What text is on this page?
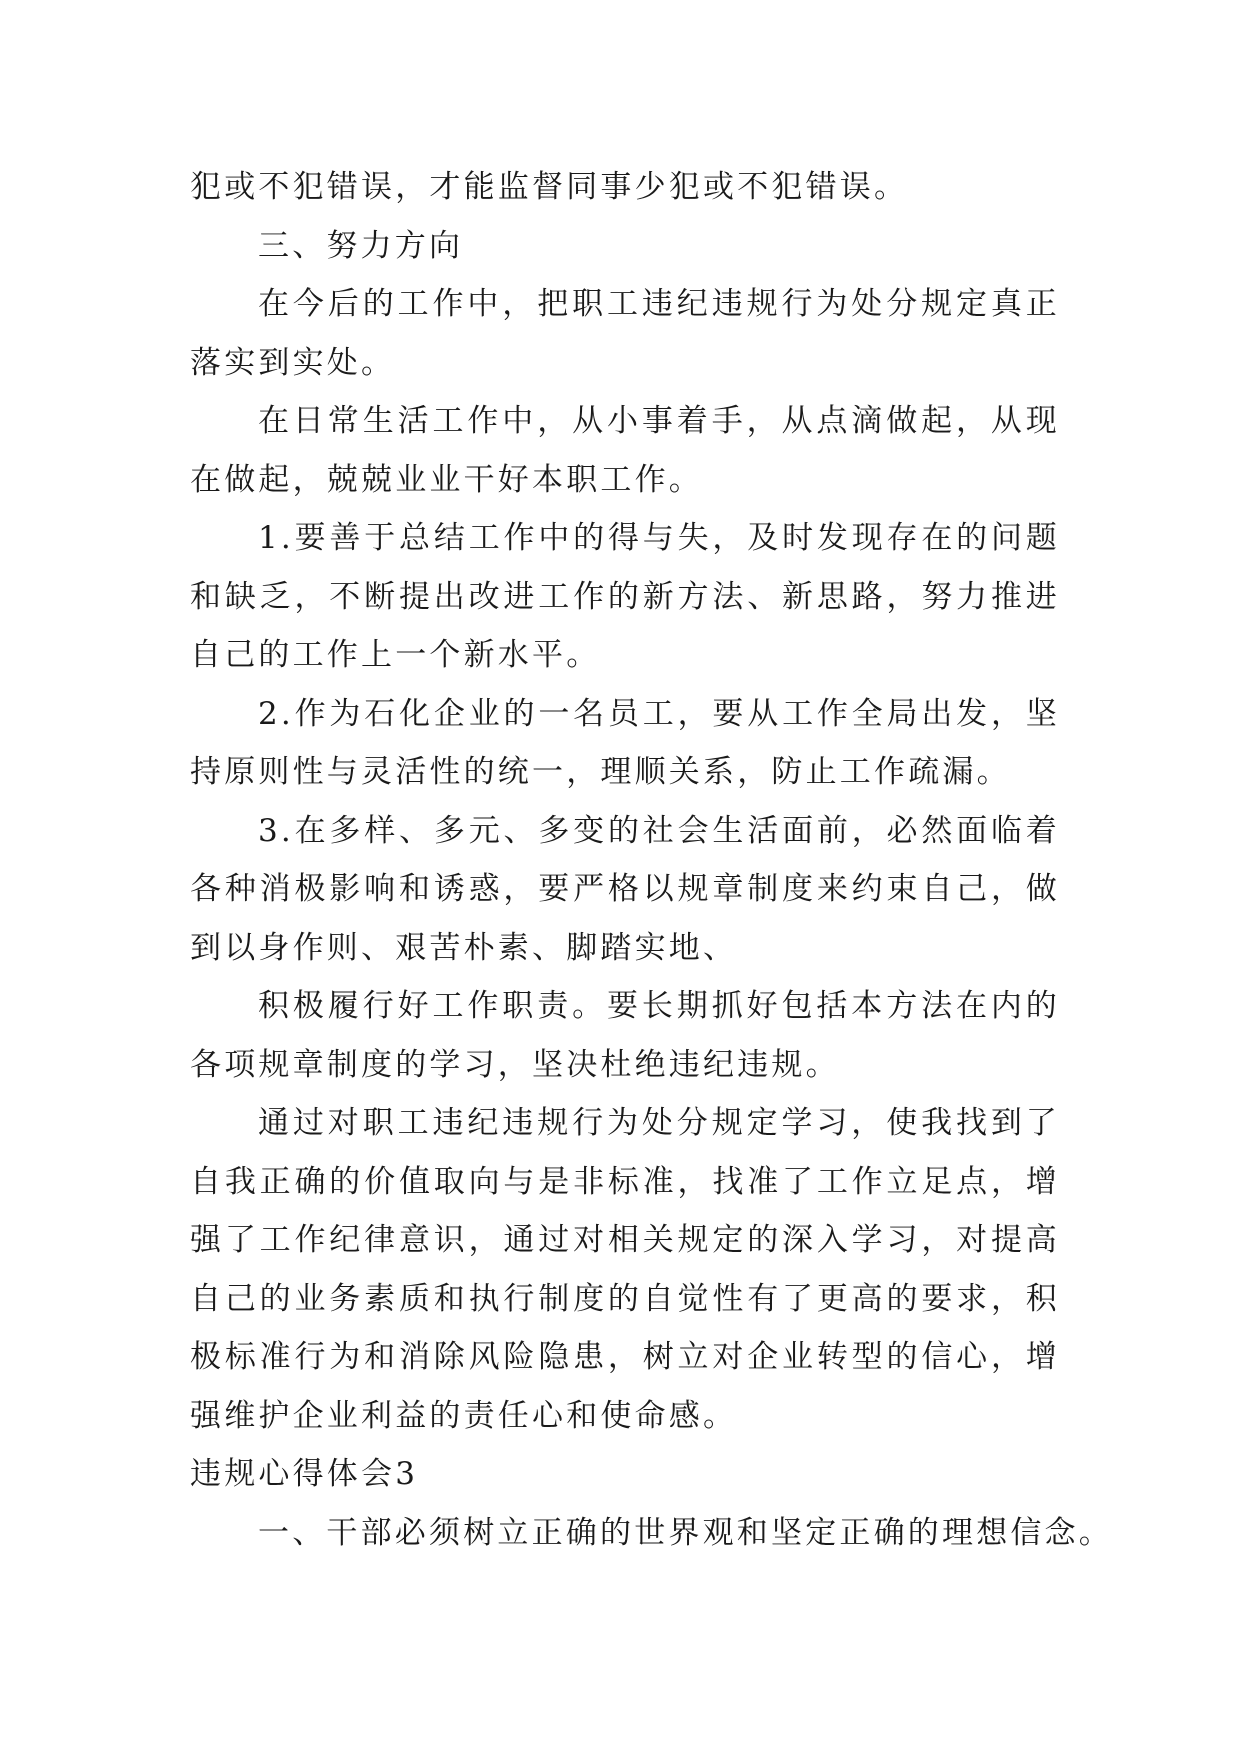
犯或不犯错误，才能监督同事少犯或不犯错误。

三、努力方向

在今后的工作中，把职工违纪违规行为处分规定真正落实到实处。

在日常生活工作中，从小事着手，从点滴做起，从现在做起，兢兢业业干好本职工作。

1.要善于总结工作中的得与失，及时发现存在的问题和缺乏，不断提出改进工作的新方法、新思路，努力推进自己的工作上一个新水平。

2.作为石化企业的一名员工，要从工作全局出发，坚持原则性与灵活性的统一，理顺关系，防止工作疏漏。

3.在多样、多元、多变的社会生活面前，必然面临着各种消极影响和诱惑，要严格以规章制度来约束自己，做到以身作则、艰苦朴素、脚踏实地、

积极履行好工作职责。要长期抓好包括本方法在内的各项规章制度的学习，坚决杜绝违纪违规。

通过对职工违纪违规行为处分规定学习，使我找到了自我正确的价值取向与是非标准，找准了工作立足点，增强了工作纪律意识，通过对相关规定的深入学习，对提高自己的业务素质和执行制度的自觉性有了更高的要求，积极标准行为和消除风险隐患，树立对企业转型的信心，增强维护企业利益的责任心和使命感。

违规心得体会3

一、干部必须树立正确的世界观和坚定正确的理想信念。
